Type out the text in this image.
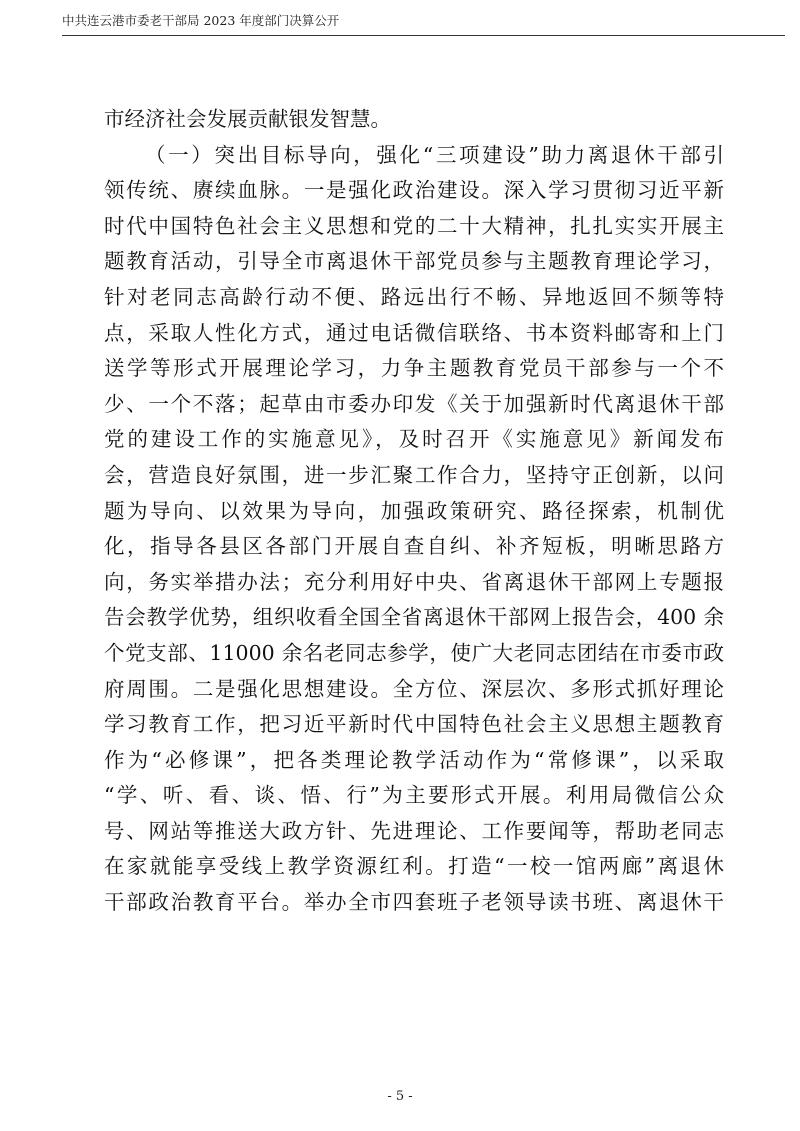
中共连云港市委老干部局 2023 年度部门决算公开
市经济社会发展贡献银发智慧。
（一）突出目标导向，强化“三项建设”助力离退休干部引
领传统、赓续血脉。一是强化政治建设。深入学习贯彻习近平新
时代中国特色社会主义思想和党的二十大精神，扎扎实实开展主
题教育活动，引导全市离退休干部党员参与主题教育理论学习，
针对老同志高龄行动不便、路远出行不畅、异地返回不频等特
点，采取人性化方式，通过电话微信联络、书本资料邮寄和上门
送学等形式开展理论学习，力争主题教育党员干部参与一个不
少、一个不落；起草由市委办印发《关于加强新时代离退休干部
党的建设工作的实施意见》，及时召开《实施意见》新闻发布
会，营造良好氛围，进一步汇聚工作合力，坚持守正创新，以问
题为导向、以效果为导向，加强政策研究、路径探索，机制优
化，指导各县区各部门开展自查自纠、补齐短板，明晰思路方
向，务实举措办法；充分利用好中央、省离退休干部网上专题报
告会教学优势，组织收看全国全省离退休干部网上报告会，400 余
个党支部、11000 余名老同志参学，使广大老同志团结在市委市政
府周围。二是强化思想建设。全方位、深层次、多形式抓好理论
学习教育工作，把习近平新时代中国特色社会主义思想主题教育
作为“必修课”，把各类理论教学活动作为“常修课”，以采取
“学、听、看、谈、悟、行”为主要形式开展。利用局微信公众
号、网站等推送大政方针、先进理论、工作要闻等，帮助老同志
在家就能享受线上教学资源红利。打造“一校一馆两廊”离退休
干部政治教育平台。举办全市四套班子老领导读书班、离退休干
- 5 -
